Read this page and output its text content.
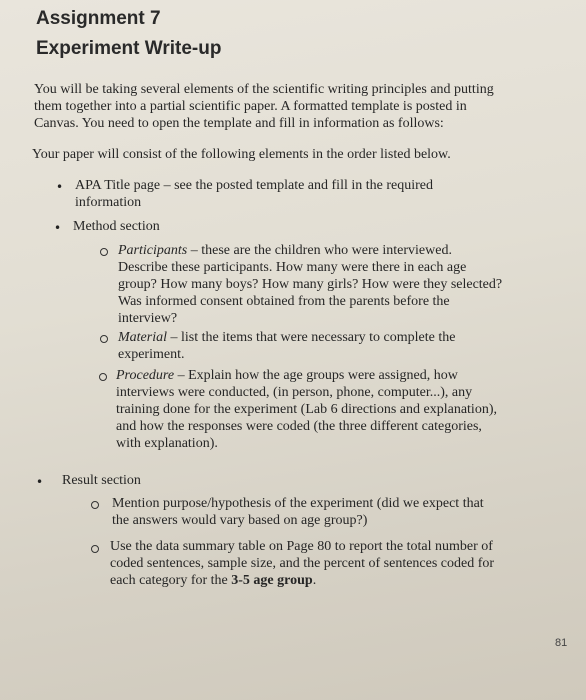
Assignment 7
Experiment Write-up
You will be taking several elements of the scientific writing principles and putting
them together into a partial scientific paper. A formatted template is posted in
Canvas. You need to open the template and fill in information as follows:
Your paper will consist of the following elements in the order listed below.
• APA Title page – see the posted template and fill in the required
information
• Method section
Participants – these are the children who were interviewed.
Describe these participants. How many were there in each age
group? How many boys? How many girls? How were they selected?
Was informed consent obtained from the parents before the
interview?
Material – list the items that were necessary to complete the
experiment.
Procedure – Explain how the age groups were assigned, how
interviews were conducted, (in person, phone, computer...), any
training done for the experiment (Lab 6 directions and explanation),
and how the responses were coded (the three different categories,
with explanation).
• Result section
Mention purpose/hypothesis of the experiment (did we expect that
the answers would vary based on age group?)
Use the data summary table on Page 80 to report the total number of
coded sentences, sample size, and the percent of sentences coded for
each category for the 3-5 age group.
81
